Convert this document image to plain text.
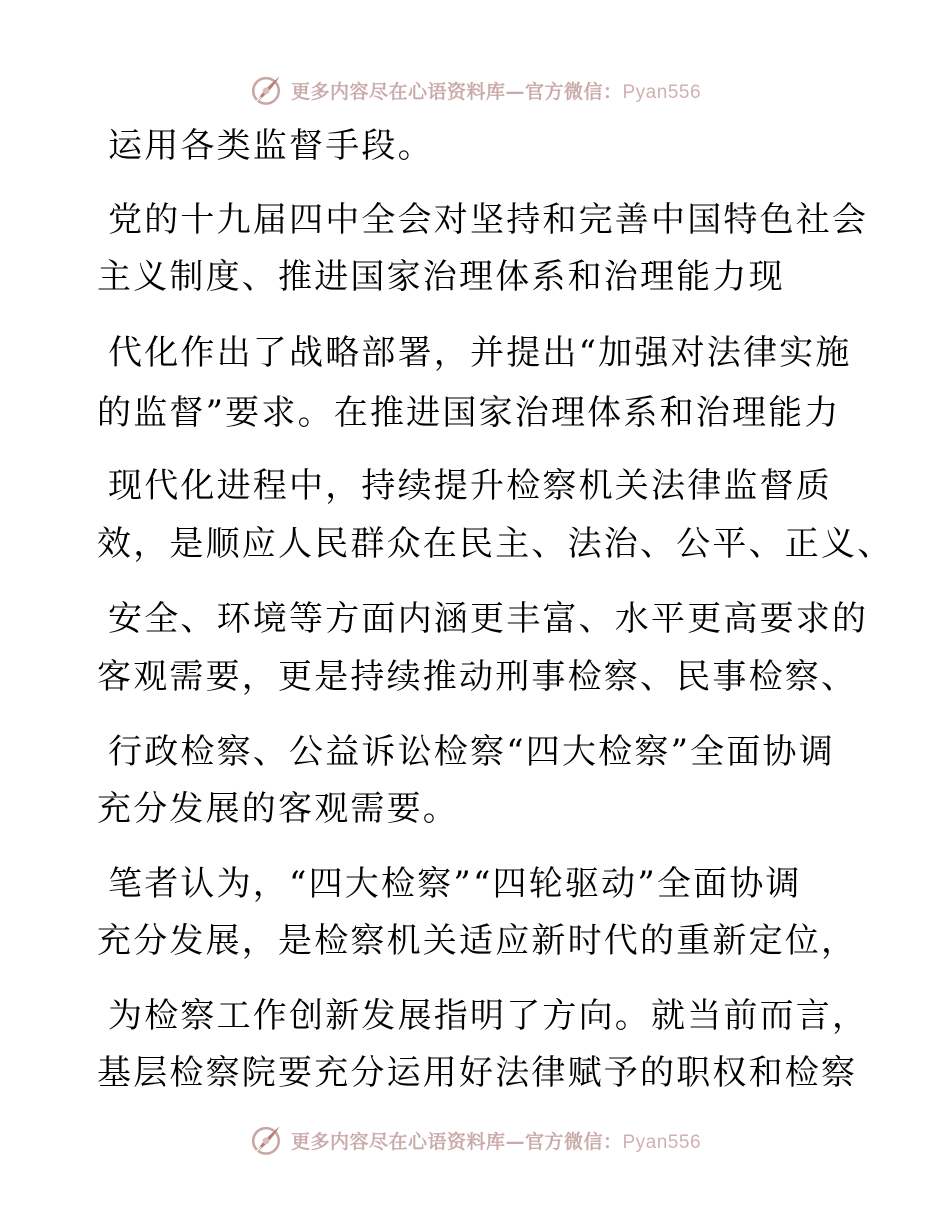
更多内容尽在心语资料库—官方微信：Pyan556
运用各类监督手段。
党的十九届四中全会对坚持和完善中国特色社会
主义制度、推进国家治理体系和治理能力现
代化作出了战略部署，并提出“加强对法律实施
的监督”要求。在推进国家治理体系和治理能力
现代化进程中，持续提升检察机关法律监督质
效，是顺应人民群众在民主、法治、公平、正义、
安全、环境等方面内涵更丰富、水平更高要求的
客观需要，更是持续推动刑事检察、民事检察、
行政检察、公益诉讼检察“四大检察”全面协调
充分发展的客观需要。
笔者认为，“四大检察”“四轮驱动”全面协调
充分发展，是检察机关适应新时代的重新定位，
为检察工作创新发展指明了方向。就当前而言，
基层检察院要充分运用好法律赋予的职权和检察
更多内容尽在心语资料库—官方微信：Pyan556
